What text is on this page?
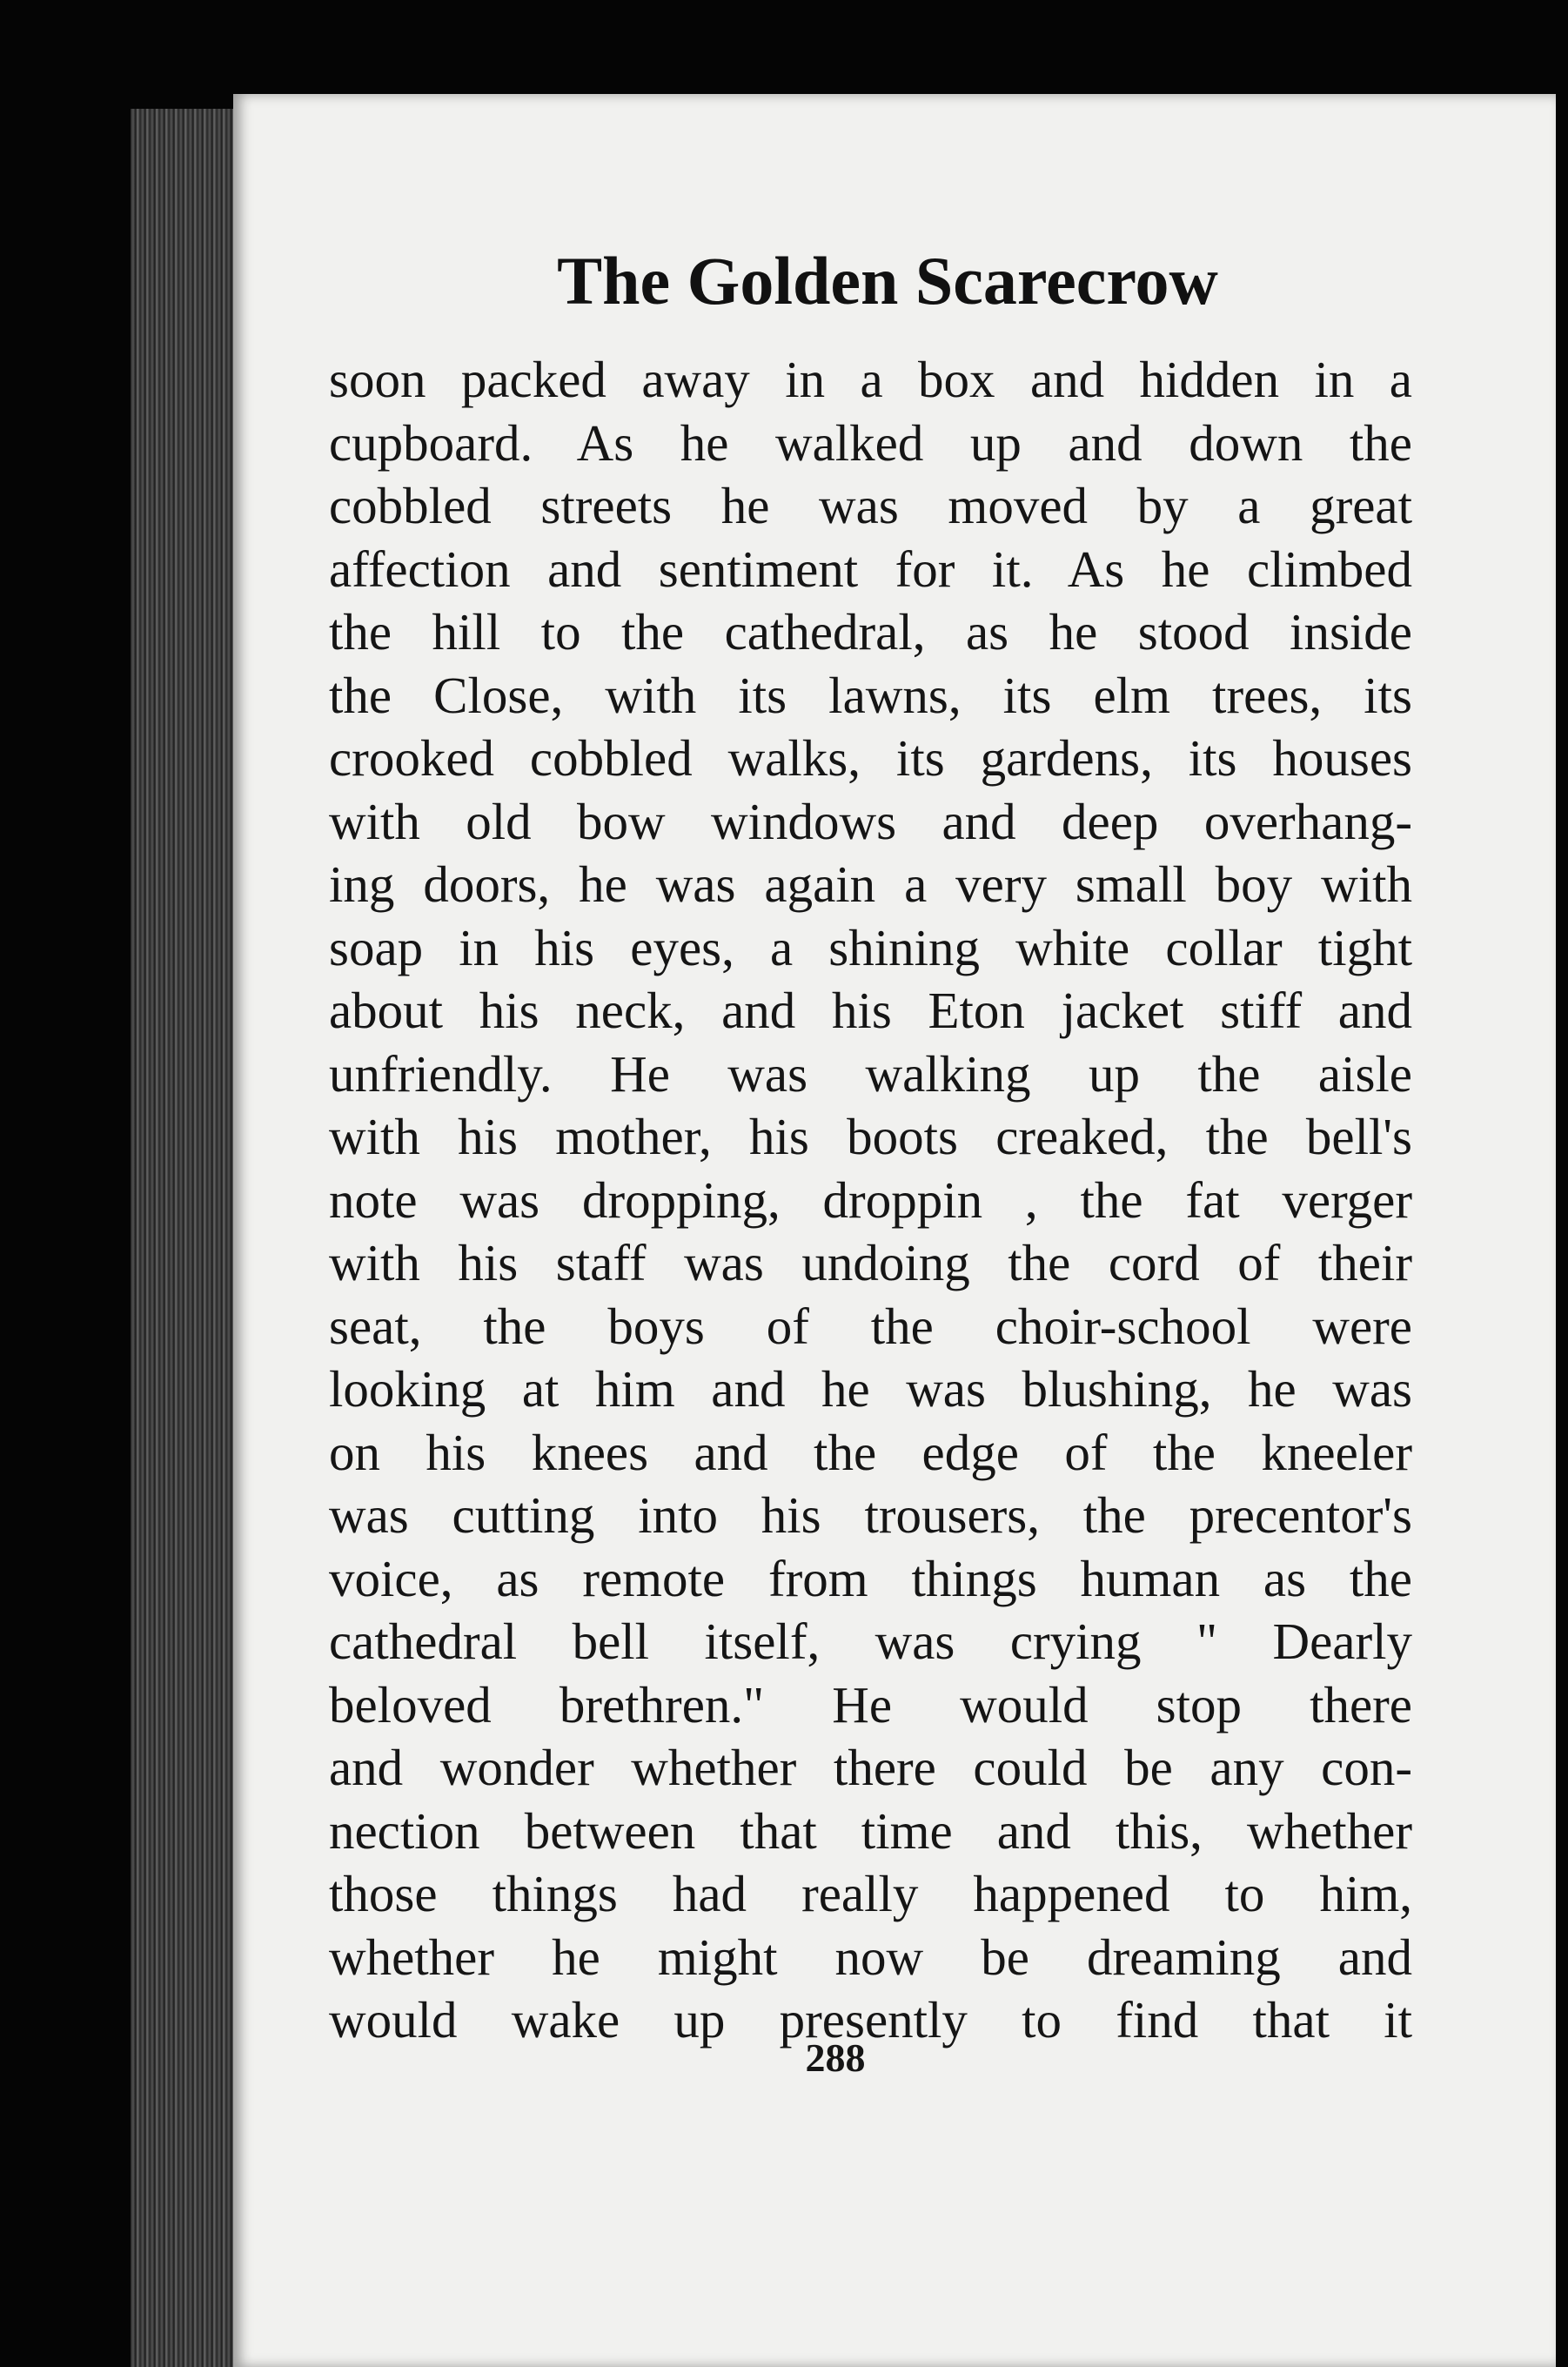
The Golden Scarecrow
soon packed away in a box and hidden in a
cupboard. As he walked up and down the
cobbled streets he was moved by a great
affection and sentiment for it. As he climbed
the hill to the cathedral, as he stood inside
the Close, with its lawns, its elm trees, its
crooked cobbled walks, its gardens, its houses
with old bow windows and deep overhang-
ing doors, he was again a very small boy with
soap in his eyes, a shining white collar tight
about his neck, and his Eton jacket stiff and
unfriendly. He was walking up the aisle
with his mother, his boots creaked, the bell's
note was dropping, droppin , the fat verger
with his staff was undoing the cord of their
seat, the boys of the choir-school were
looking at him and he was blushing, he was
on his knees and the edge of the kneeler
was cutting into his trousers, the precentor's
voice, as remote from things human as the
cathedral bell itself, was crying " Dearly
beloved brethren." He would stop there
and wonder whether there could be any con-
nection between that time and this, whether
those things had really happened to him,
whether he might now be dreaming and
would wake up presently to find that it
288
